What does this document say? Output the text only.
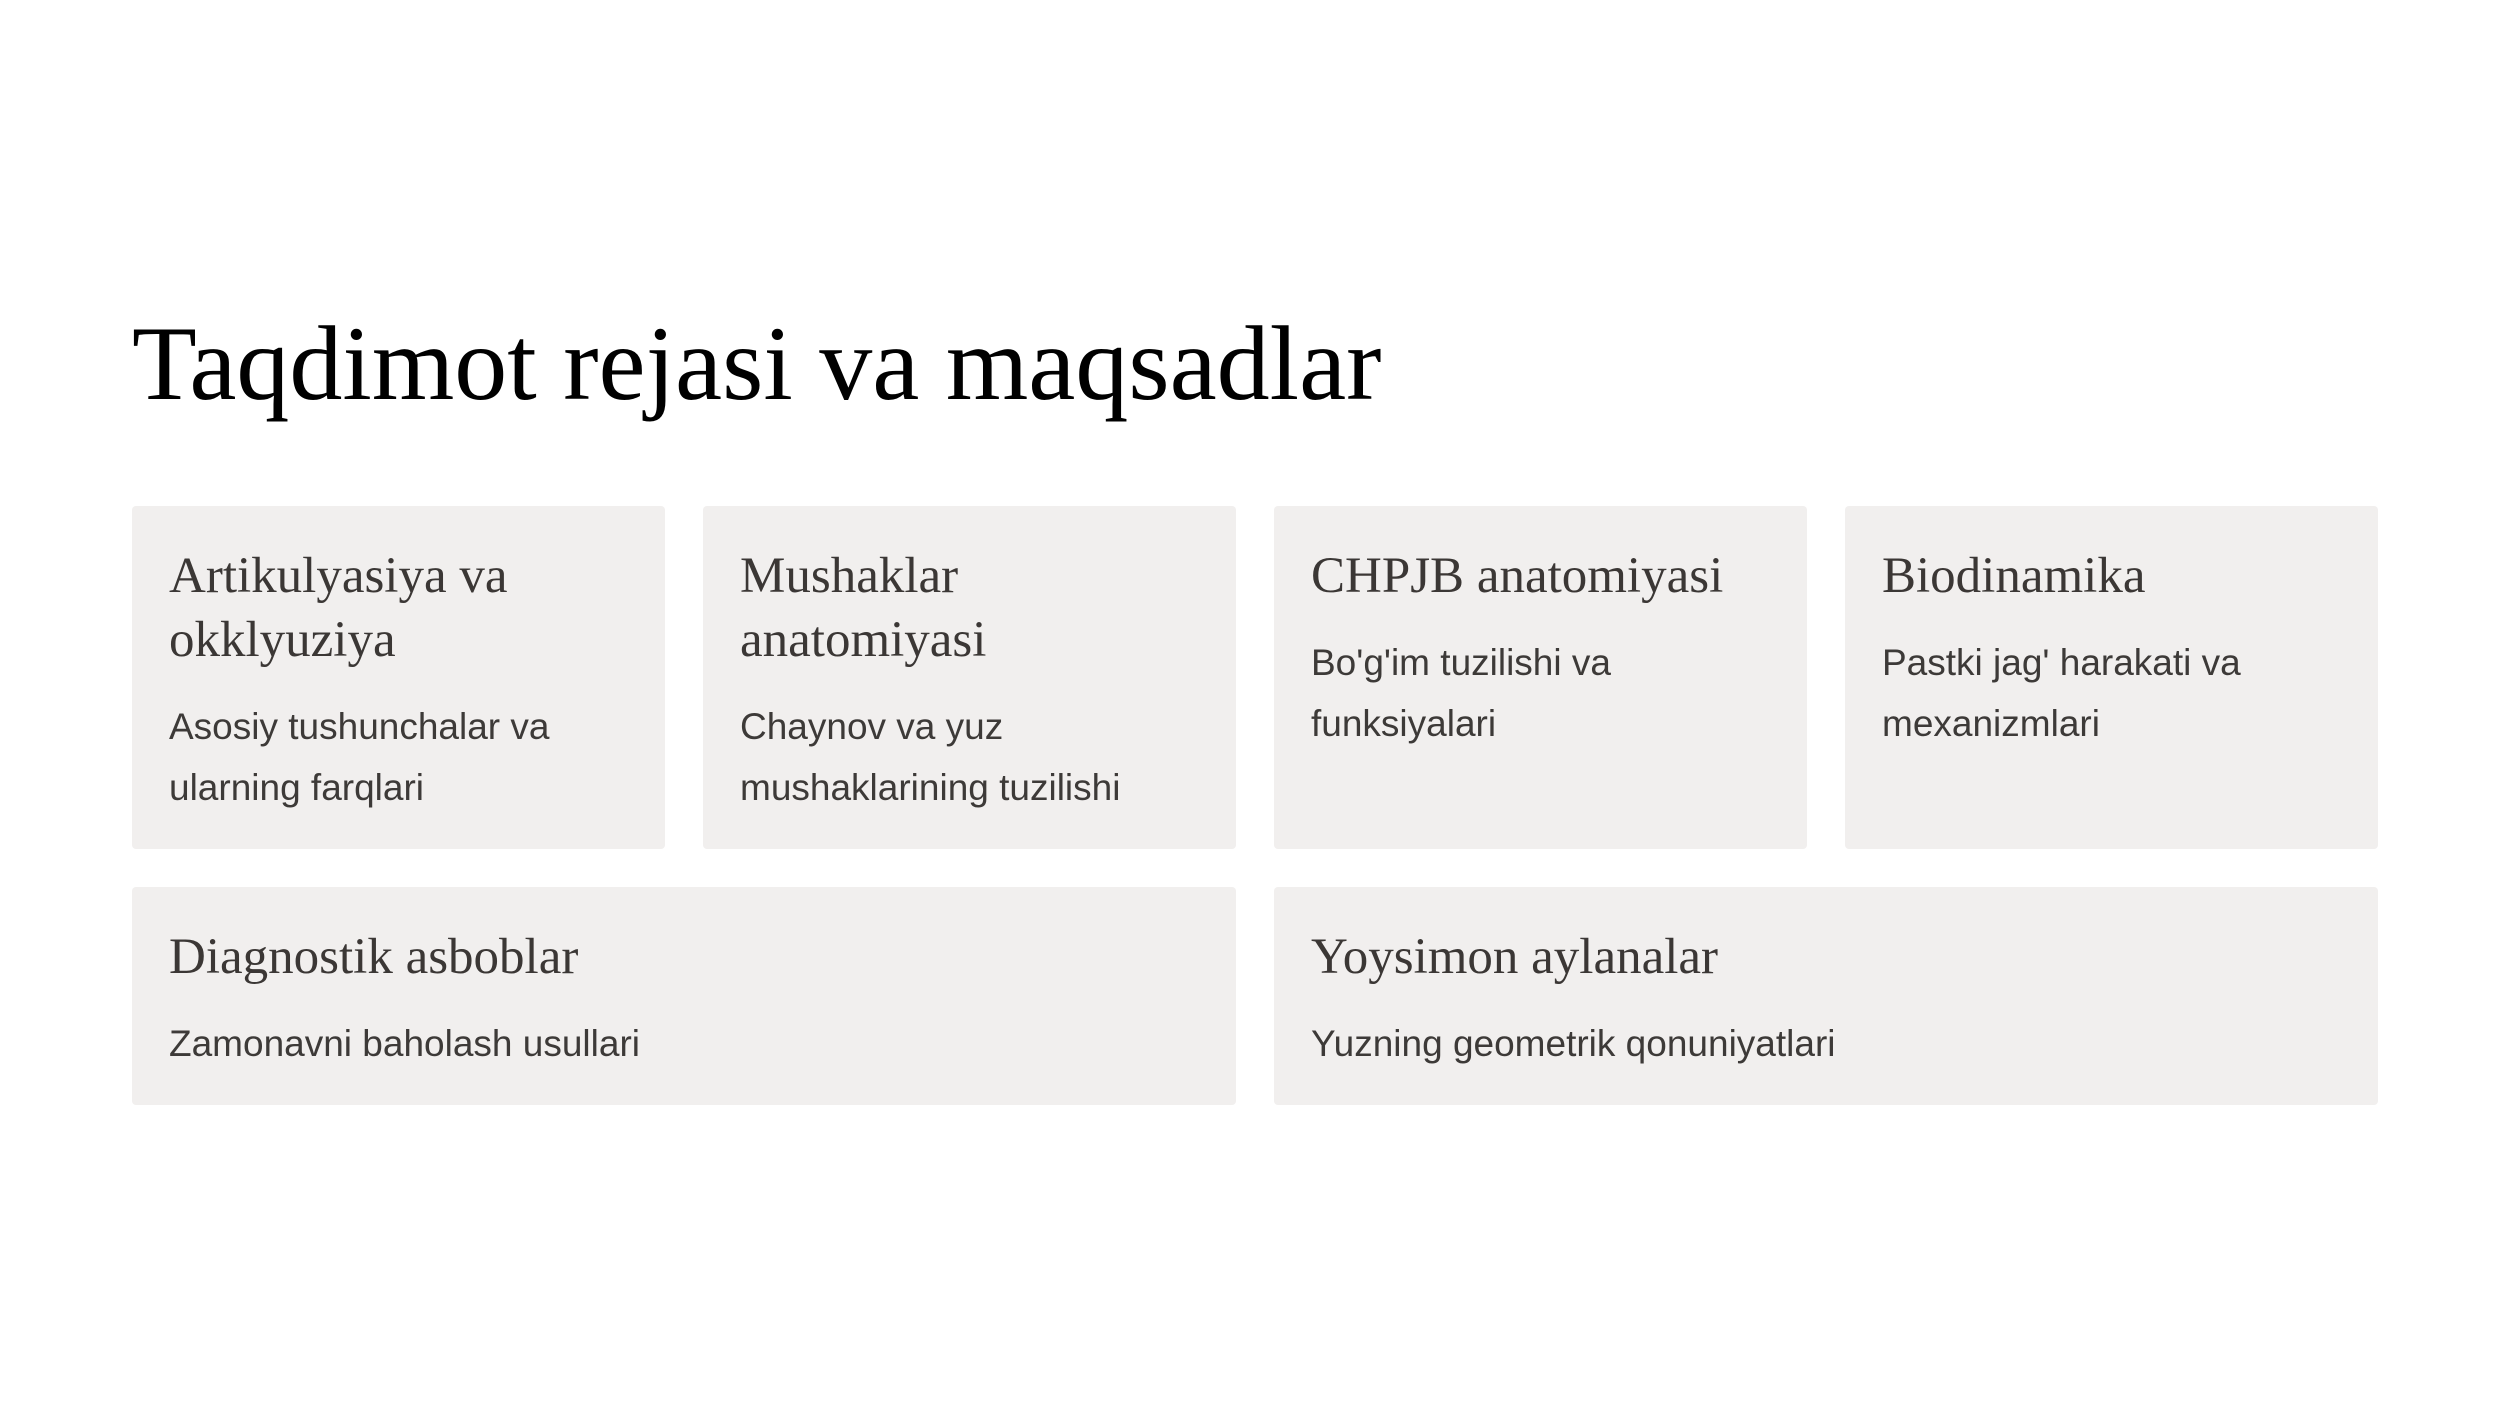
Taqdimot rejasi va maqsadlar
Artikulyasiya va okklyuziya

Asosiy tushunchalar va ularning farqlari

Mushaklar anatomiyasi

Chaynov va yuz mushaklarining tuzilishi

CHPJB anatomiyasi

Bo'g'im tuzilishi va funksiyalari

Biodinamika

Pastki jag' harakati va mexanizmlari

Diagnostik asboblar

Zamonavni baholash usullari

Yoysimon aylanalar

Yuzning geometrik qonuniyatlari
